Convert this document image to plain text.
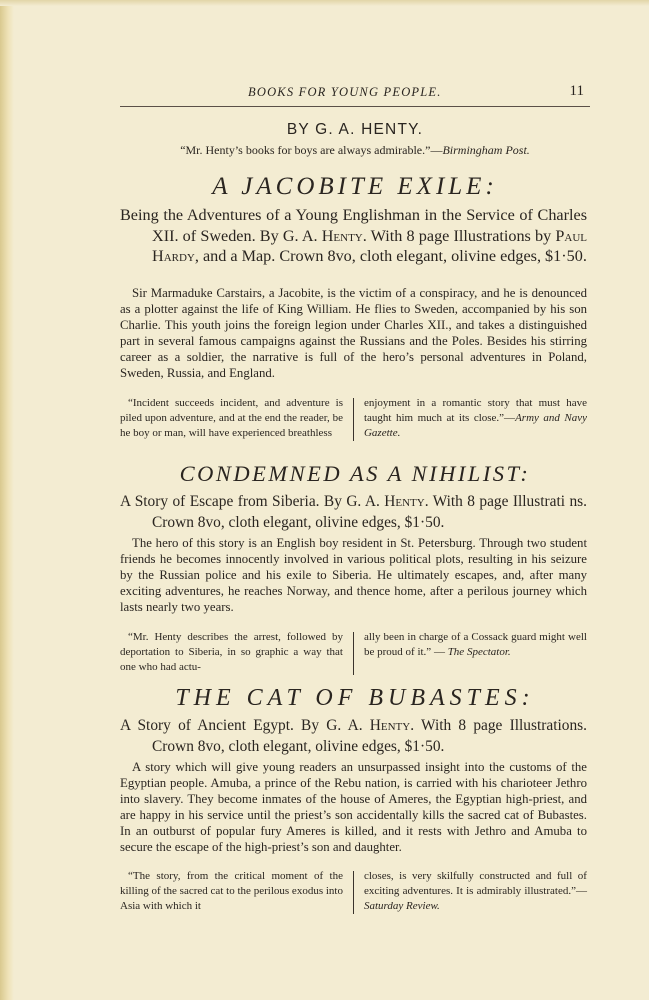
BOOKS FOR YOUNG PEOPLE.	11
BY G. A. HENTY.
“Mr. Henty’s books for boys are always admirable.”—Birmingham Post.
A JACOBITE EXILE:
Being the Adventures of a Young Englishman in the Service of Charles XII. of Sweden. By G. A. Henty. With 8 page Illustrations by Paul Hardy, and a Map. Crown 8vo, cloth elegant, olivine edges, $1·50.
Sir Marmaduke Carstairs, a Jacobite, is the victim of a conspiracy, and he is denounced as a plotter against the life of King William. He flies to Sweden, accompanied by his son Charlie. This youth joins the foreign legion under Charles XII., and takes a distinguished part in several famous campaigns against the Russians and the Poles. Besides his stirring career as a soldier, the narrative is full of the hero’s personal adventures in Poland, Sweden, Russia, and England.
“Incident succeeds incident, and adventure is piled upon adventure, and at the end the reader, be he boy or man, will have experienced breathless
enjoyment in a romantic story that must have taught him much at its close.”—Army and Navy Gazette.
CONDEMNED AS A NIHILIST:
A Story of Escape from Siberia. By G. A. Henty. With 8 page Illustrati ns. Crown 8vo, cloth elegant, olivine edges, $1·50.
The hero of this story is an English boy resident in St. Petersburg. Through two student friends he becomes innocently involved in various political plots, resulting in his seizure by the Russian police and his exile to Siberia. He ultimately escapes, and, after many exciting adventures, he reaches Norway, and thence home, after a perilous journey which lasts nearly two years.
“Mr. Henty describes the arrest, followed by deportation to Siberia, in so graphic a way that one who had actu-
ally been in charge of a Cossack guard might well be proud of it.” — The Spectator.
THE CAT OF BUBASTES:
A Story of Ancient Egypt. By G. A. Henty. With 8 page Illustrations. Crown 8vo, cloth elegant, olivine edges, $1·50.
A story which will give young readers an unsurpassed insight into the customs of the Egyptian people. Amuba, a prince of the Rebu nation, is carried with his charioteer Jethro into slavery. They become inmates of the house of Ameres, the Egyptian high-priest, and are happy in his service until the priest’s son accidentally kills the sacred cat of Bubastes. In an outburst of popular fury Ameres is killed, and it rests with Jethro and Amuba to secure the escape of the high-priest’s son and daughter.
“The story, from the critical moment of the killing of the sacred cat to the perilous exodus into Asia with which it
closes, is very skilfully constructed and full of exciting adventures. It is admirably illustrated.”—Saturday Review.
